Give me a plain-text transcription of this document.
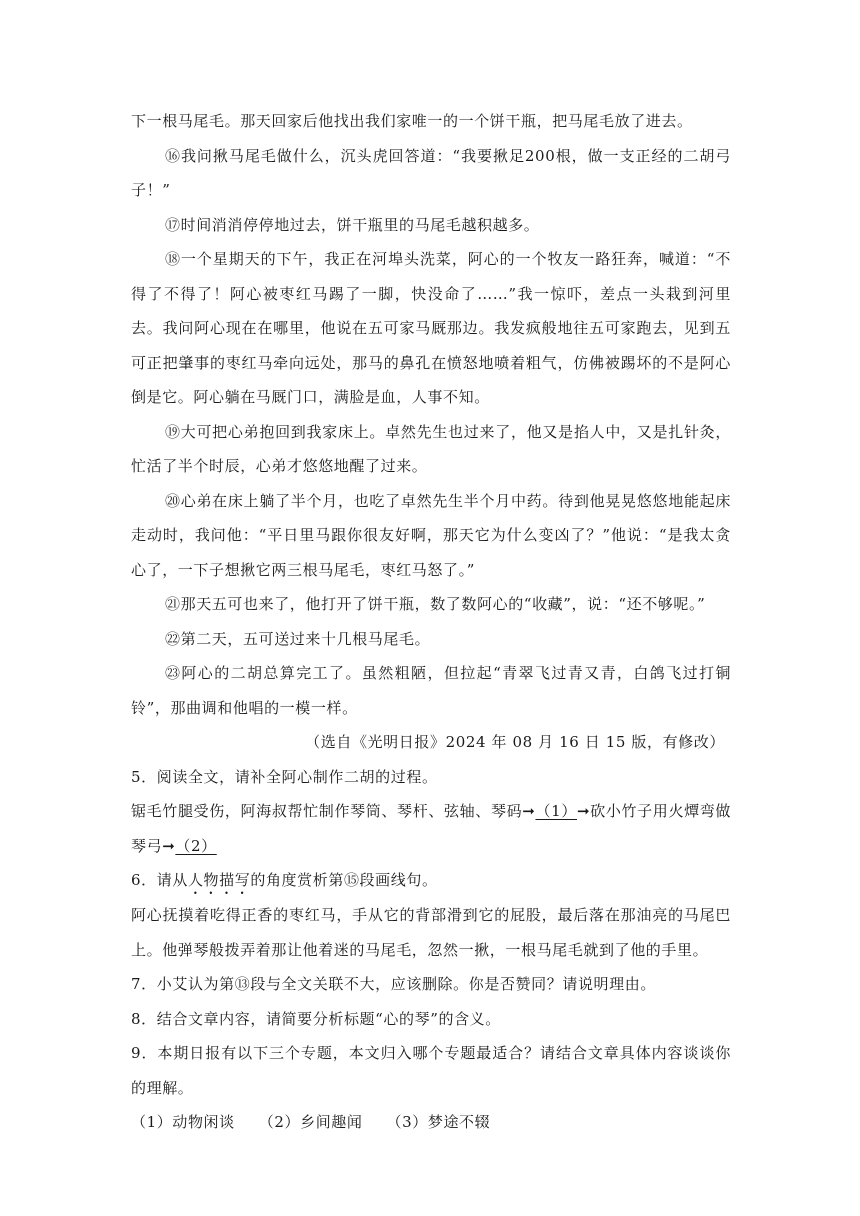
下一根马尾毛。那天回家后他找出我们家唯一的一个饼干瓶，把马尾毛放了进去。

⑯我问揪马尾毛做什么，沉头虎回答道：“我要揪足200根，做一支正经的二胡弓子！”

⑰时间消消停停地过去，饼干瓶里的马尾毛越积越多。

⑱一个星期天的下午，我正在河埠头洗菜，阿心的一个牧友一路狂奔，喊道：“不得了不得了！阿心被枣红马踢了一脚，快没命了……”我一惊吓，差点一头栽到河里去。我问阿心现在在哪里，他说在五可家马厩那边。我发疯般地往五可家跑去，见到五可正把肇事的枣红马牵向远处，那马的鼻孔在愤怒地喷着粗气，仿佛被踢坏的不是阿心倒是它。阿心躺在马厩门口，满脸是血，人事不知。

⑲大可把心弟抱回到我家床上。卓然先生也过来了，他又是掐人中，又是扎针灸，忙活了半个时辰，心弟才悠悠地醒了过来。

⑳心弟在床上躺了半个月，也吃了卓然先生半个月中药。待到他晃晃悠悠地能起床走动时，我问他：“平日里马跟你很友好啊，那天它为什么变凶了？”他说：“是我太贪心了，一下子想揪它两三根马尾毛，枣红马怒了。”

㉑那天五可也来了，他打开了饼干瓶，数了数阿心的“收藏”，说：“还不够呢。”

㉒第二天，五可送过来十几根马尾毛。

㉓阿心的二胡总算完工了。虽然粗陋，但拉起“青翠飞过青又青，白鸽飞过打铜铃”，那曲调和他唱的一模一样。

（选自《光明日报》2024 年 08 月 16 日 15 版，有修改）

5．阅读全文，请补全阿心制作二胡的过程。

锯毛竹腿受伤，阿海叔帮忙制作琴筒、琴杆、弦轴、琴码➞（1）➞砍小竹子用火燂弯做琴弓➞（2）

6．请从人物描写的角度赏析第⑮段画线句。

阿心抚摸着吃得正香的枣红马，手从它的背部滑到它的屁股，最后落在那油亮的马尾巴上。他弹琴般拨弄着那让他着迷的马尾毛，忽然一揪，一根马尾毛就到了他的手里。

7．小艾认为第⑬段与全文关联不大，应该删除。你是否赞同？请说明理由。

8．结合文章内容，请简要分析标题“心的琴”的含义。

9．本期日报有以下三个专题，本文归入哪个专题最适合？请结合文章具体内容谈谈你的理解。

（1）动物闲谈 （2）乡间趣闻 （3）梦途不辍
